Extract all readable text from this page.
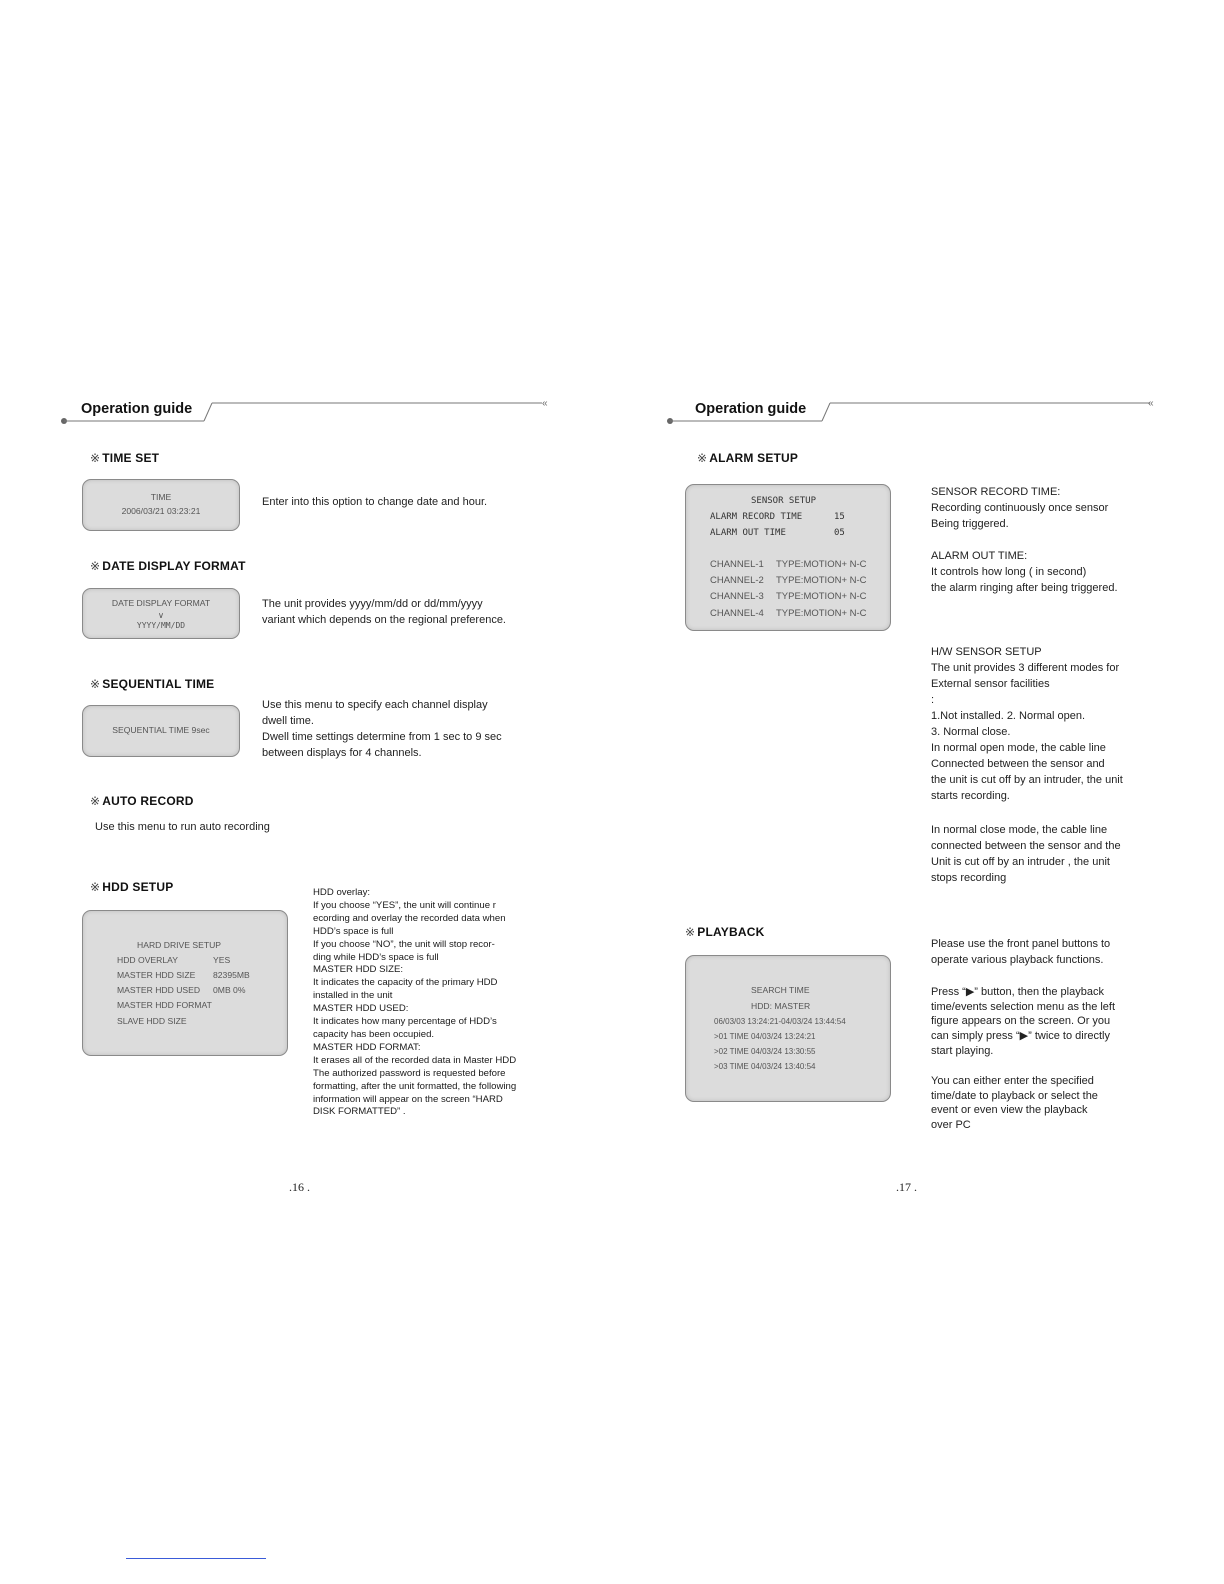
«
Operation guide
※ TIME SET
TIME
2006/03/21 03:23:21
Enter into this option to change date and hour.
※ DATE DISPLAY FORMAT
DATE DISPLAY FORMAT
∨
YYYY/MM/DD
The unit provides yyyy/mm/dd or dd/mm/yyyy
variant which depends on the regional preference.
※ SEQUENTIAL TIME
SEQUENTIAL TIME 9sec
Use this menu to specify each channel display
dwell time.
Dwell time settings determine from 1 sec to 9 sec
between displays for 4 channels.
※ AUTO RECORD
Use this menu to run auto recording
※ HDD SETUP
HARD DRIVE SETUP
HDD OVERLAY	YES
MASTER HDD SIZE 82395MB
MASTER HDD USED 0MB 0%
MASTER HDD FORMAT
SLAVE HDD SIZE
HDD overlay:
If you choose “YES”, the unit will continue r
ecording and overlay the recorded data when
HDD’s space is full
If you choose “NO”, the unit will stop recor-
ding while HDD’s space is full
MASTER HDD SIZE:
It indicates the capacity of the primary HDD
installed in the unit
MASTER HDD USED:
It indicates how many percentage of HDD’s
capacity has been occupied.
MASTER HDD FORMAT:
It erases all of the recorded data in Master HDD
The authorized password is requested before
formatting, after the unit formatted, the following
information will appear on the screen “HARD
DISK FORMATTED” .
.16 .
«
Operation guide
※ ALARM SETUP
SENSOR SETUP
ALARM RECORD TIME	15
ALARM OUT TIME	05
CHANNEL-1 TYPE:MOTION+ N-C
CHANNEL-2 TYPE:MOTION+ N-C
CHANNEL-3 TYPE:MOTION+ N-C
CHANNEL-4 TYPE:MOTION+ N-C
SENSOR RECORD TIME:
Recording continuously once sensor
Being triggered.
ALARM OUT TIME:
It controls how long ( in second)
the alarm ringing after being triggered.
H/W SENSOR SETUP
The unit provides 3 different modes for
External sensor facilities
:
1.Not installed. 2. Normal open.
3. Normal close.
In normal open mode, the cable line
Connected between the sensor and
the unit is cut off by an intruder, the unit
starts recording.
In normal close mode, the cable line
connected between the sensor and the
Unit is cut off by an intruder , the unit
stops recording
※ PLAYBACK
SEARCH TIME
HDD: MASTER
06/03/03 13:24:21-04/03/24 13:44:54
>01 TIME 04/03/24 13:24:21
>02 TIME 04/03/24 13:30:55
>03 TIME 04/03/24 13:40:54
Please use the front panel buttons to
operate various playback functions.
Press “▶” button, then the playback
time/events selection menu as the left
figure appears on the screen. Or you
can simply press “▶” twice to directly
start playing.
You can either enter the specified
time/date to playback or select the
event or even view the playback
over PC
.17 .
